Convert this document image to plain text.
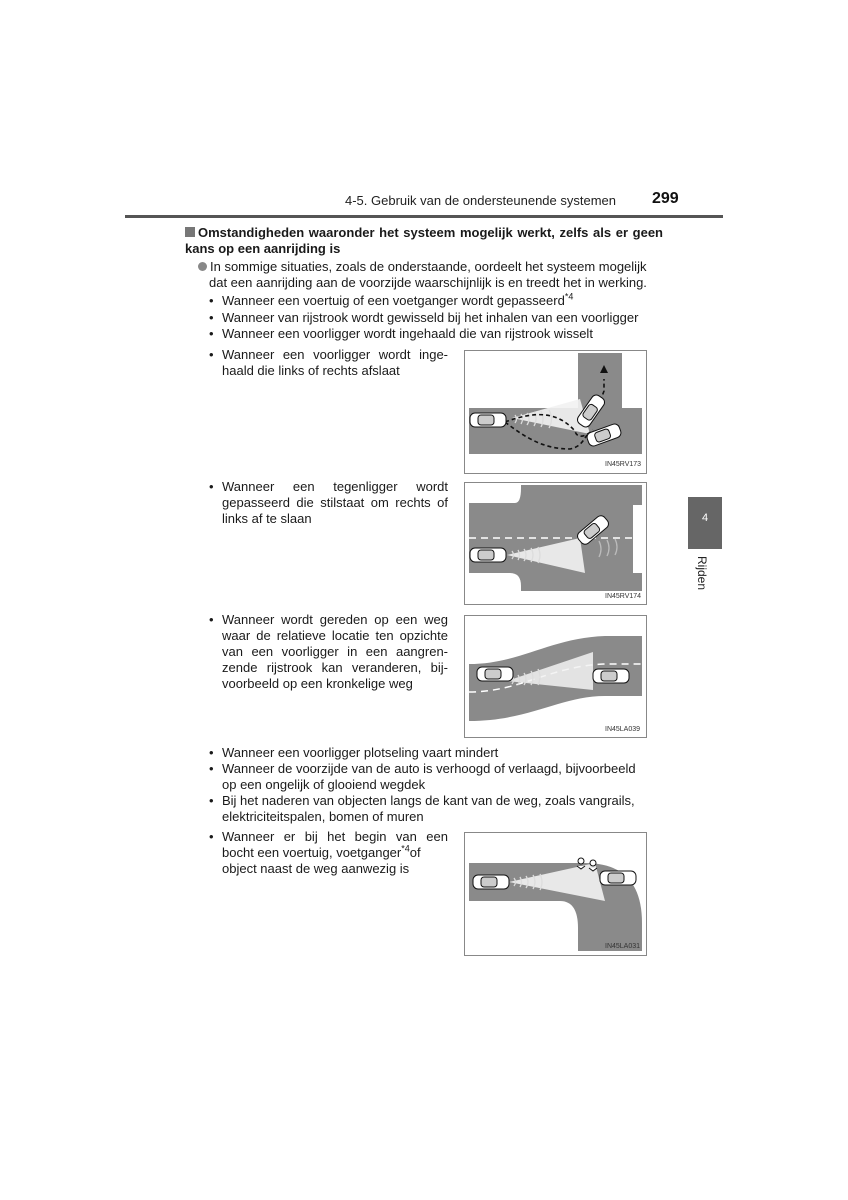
4-5. Gebruik van de ondersteunende systemen 299
Omstandigheden waaronder het systeem mogelijk werkt, zelfs als er geen kans op een aanrijding is
In sommige situaties, zoals de onderstaande, oordeelt het systeem mogelijk
dat een aanrijding aan de voorzijde waarschijnlijk is en treedt het in werking.
• Wanneer een voertuig of een voetganger wordt gepasseerd$^{*4}$
• Wanneer van rijstrook wordt gewisseld bij het inhalen van een voorligger
• Wanneer een voorligger wordt ingehaald die van rijstrook wisselt
• Wanneer een voorligger wordt inge-
haald die links of rechts afslaat
IN45RV173
• Wanneer een tegenligger wordt
gepasseerd die stilstaat om rechts of
links af te slaan
IN45RV174
• Wanneer wordt gereden op een weg
waar de relatieve locatie ten opzichte
van een voorligger in een aangren-
zende rijstrook kan veranderen, bij-
voorbeeld op een kronkelige weg
IN45LA039
• Wanneer een voorligger plotseling vaart mindert
• Wanneer de voorzijde van de auto is verhoogd of verlaagd, bijvoorbeeld
op een ongelijk of glooiend wegdek
• Bij het naderen van objecten langs de kant van de weg, zoals vangrails,
elektriciteitspalen, bomen of muren
• Wanneer er bij het begin van een
bocht een voertuig, voetganger$^{*4}$of
object naast de weg aanwezig is
IN45LA031
4
Rijden
